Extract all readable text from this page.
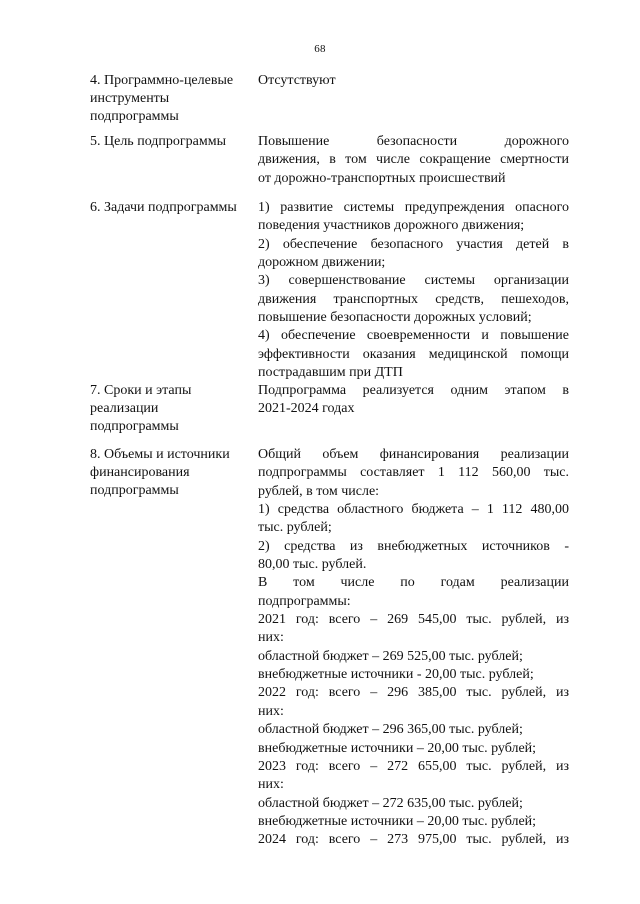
68
4. Программно-целевые
инструменты
подпрограммы
Отсутствуют
5. Цель подпрограммы	Повышение безопасности дорожного
движения, в том числе сокращение смертности
от дорожно-транспортных происшествий
6. Задачи подпрограммы	1) развитие системы предупреждения опасного
поведения участников дорожного движения;
2) обеспечение безопасного участия детей в
дорожном движении;
3) совершенствование системы организации
движения транспортных средств, пешеходов,
повышение безопасности дорожных условий;
4) обеспечение своевременности и повышение
эффективности оказания медицинской помощи
пострадавшим при ДТП
7. Сроки и этапы
реализации
подпрограммы
Подпрограмма реализуется одним этапом в
2021-2024 годах
8. Объемы и источники
финансирования
подпрограммы
Общий объем финансирования реализации
подпрограммы составляет 1 112 560,00 тыс.
рублей, в том числе:
1) средства областного бюджета – 1 112 480,00
тыс. рублей;
2) средства из внебюджетных источников -
80,00 тыс. рублей.
В том числе по годам реализации
подпрограммы:
2021 год: всего – 269 545,00 тыс. рублей, из
них:
областной бюджет – 269 525,00 тыс. рублей;
внебюджетные источники - 20,00 тыс. рублей;
2022 год: всего – 296 385,00 тыс. рублей, из
них:
областной бюджет – 296 365,00 тыс. рублей;
внебюджетные источники – 20,00 тыс. рублей;
2023 год: всего – 272 655,00 тыс. рублей, из
них:
областной бюджет – 272 635,00 тыс. рублей;
внебюджетные источники – 20,00 тыс. рублей;
2024 год: всего – 273 975,00 тыс. рублей, из
